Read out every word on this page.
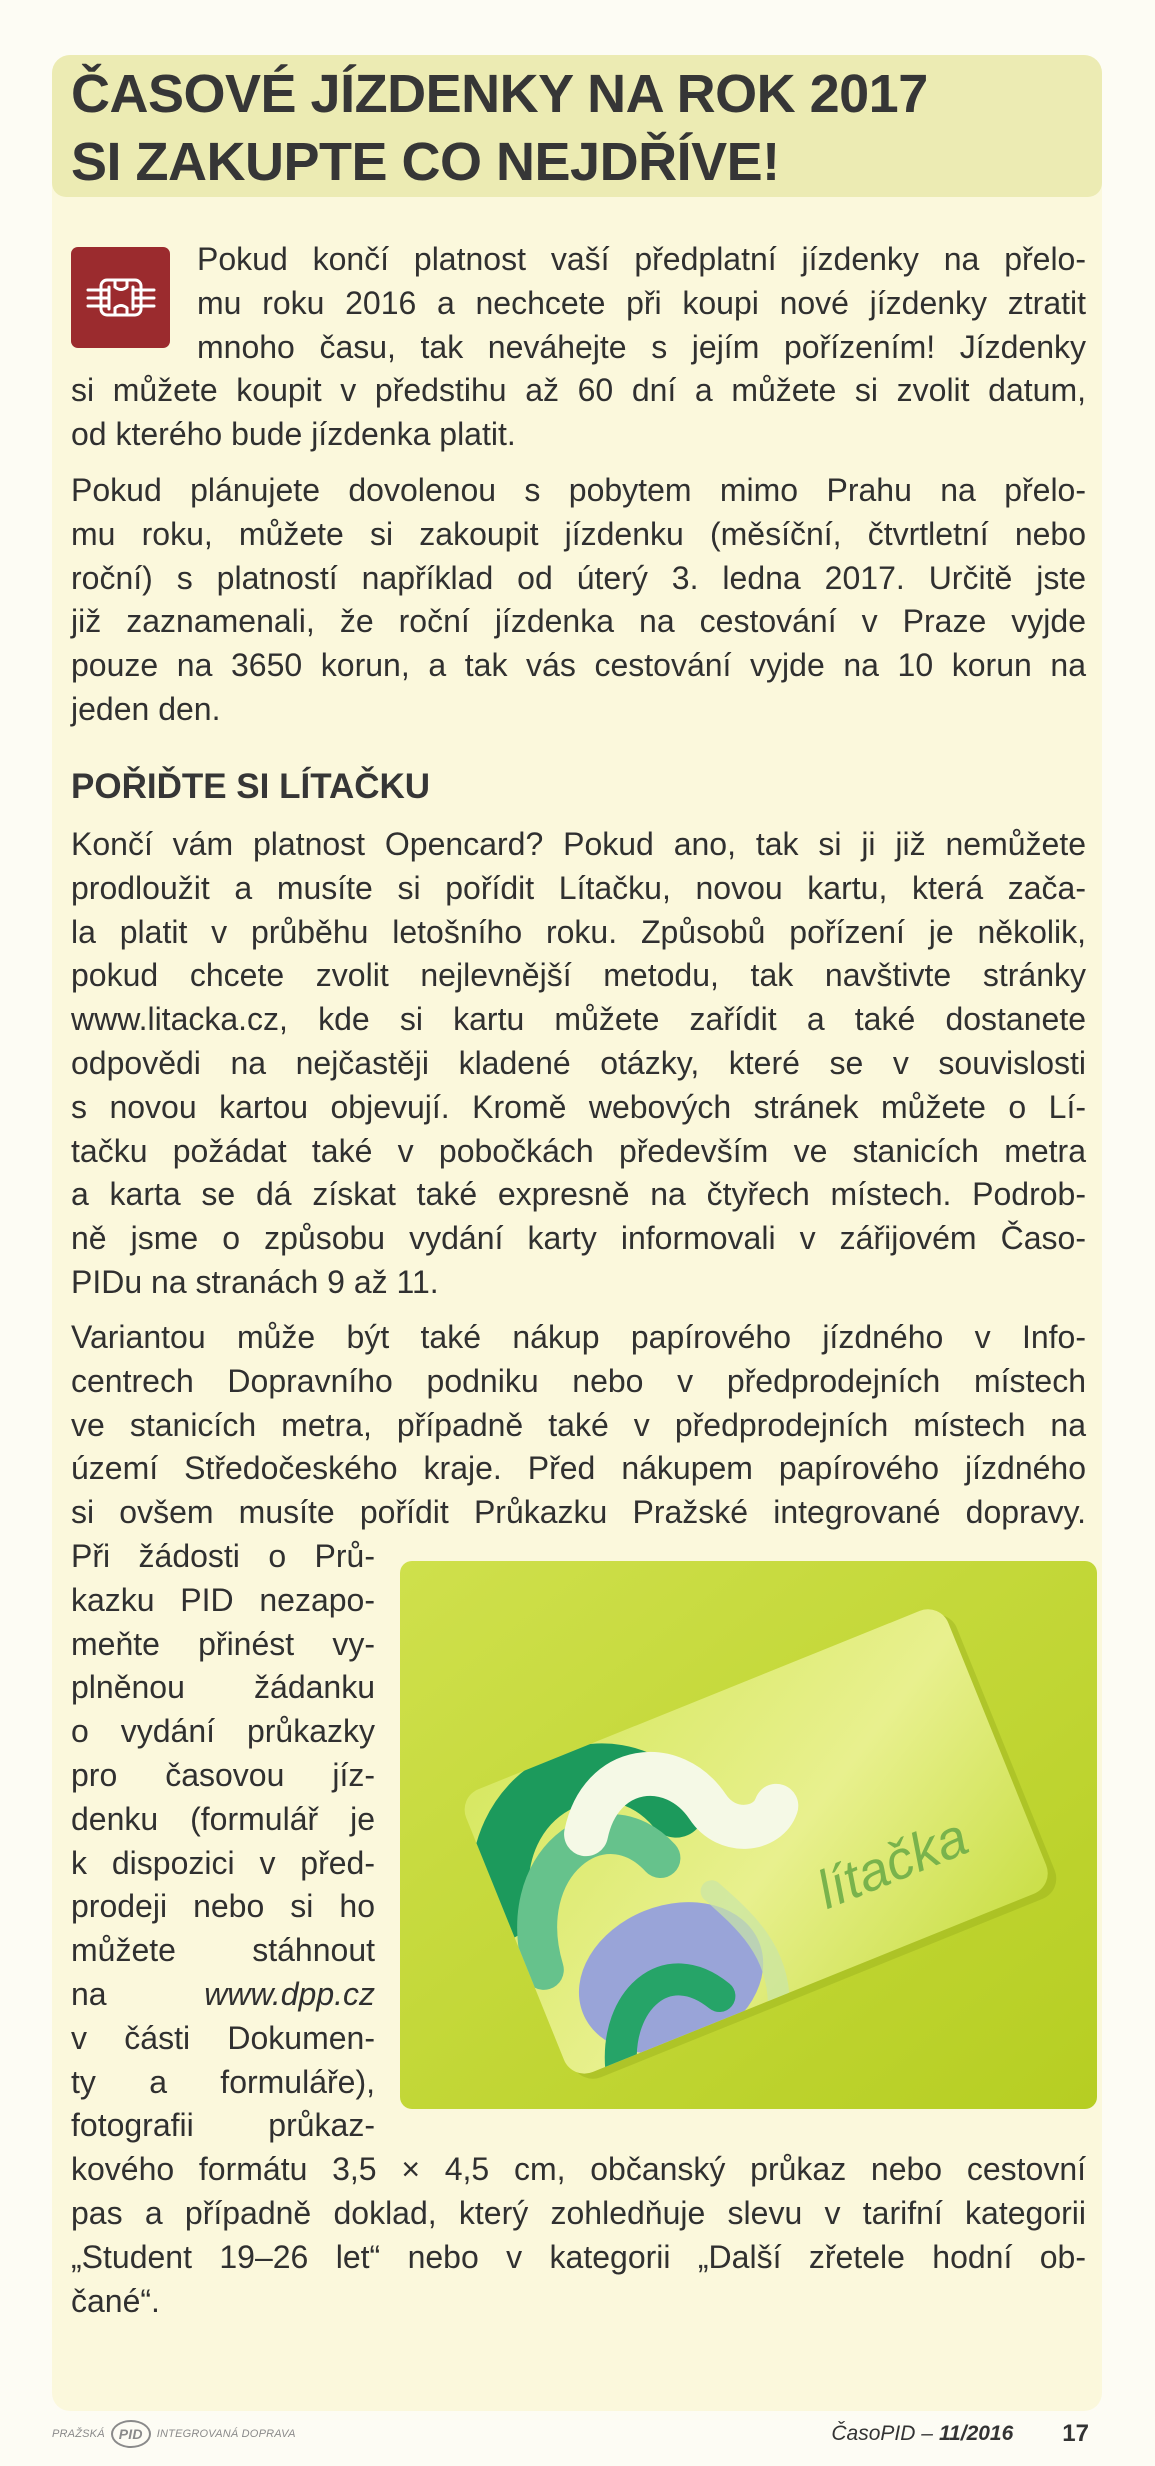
ČASOVÉ JÍZDENKY NA ROK 2017
SI ZAKUPTE CO NEJDŘÍVE!
Pokud končí platnost vaší předplatní jízdenky na přelo-
mu roku 2016 a nechcete při koupi nové jízdenky ztratit
mnoho času, tak neváhejte s jejím pořízením! Jízdenky
si můžete koupit v předstihu až 60 dní a můžete si zvolit datum,
od kterého bude jízdenka platit.
Pokud plánujete dovolenou s pobytem mimo Prahu na přelo-
mu roku, můžete si zakoupit jízdenku (měsíční, čtvrtletní nebo
roční) s platností například od úterý 3. ledna 2017. Určitě jste
již zaznamenali, že roční jízdenka na cestování v Praze vyjde
pouze na 3650 korun, a tak vás cestování vyjde na 10 korun na
jeden den.
POŘIĎTE SI LÍTAČKU
Končí vám platnost Opencard? Pokud ano, tak si ji již nemůžete
prodloužit a musíte si pořídit Lítačku, novou kartu, která zača-
la platit v průběhu letošního roku. Způsobů pořízení je několik,
pokud chcete zvolit nejlevnější metodu, tak navštivte stránky
www.litacka.cz, kde si kartu můžete zařídit a také dostanete
odpovědi na nejčastěji kladené otázky, které se v souvislosti
s novou kartou objevují. Kromě webových stránek můžete o Lí-
tačku požádat také v pobočkách především ve stanicích metra
a karta se dá získat také expresně na čtyřech místech. Podrob-
ně jsme o způsobu vydání karty informovali v zářijovém Časo-
PIDu na stranách 9 až 11.
Variantou může být také nákup papírového jízdného v Info-
centrech Dopravního podniku nebo v předprodejních místech
ve stanicích metra, případně také v předprodejních místech na
území Středočeského kraje. Před nákupem papírového jízdného
si ovšem musíte pořídit Průkazku Pražské integrované dopravy.
Při žádosti o Prů-
kazku PID nezapo-
meňte přinést vy-
plněnou žádanku
o vydání průkazky
pro časovou jíz-
denku (formulář je
k dispozici v před-
prodeji nebo si ho
můžete stáhnout
na	www.dpp.cz
v části Dokumen-
ty a formuláře),
fotografii průkaz-
kového formátu 3,5 × 4,5 cm, občanský průkaz nebo cestovní
pas a případně doklad, který zohledňuje slevu v tarifní kategorii
„Student 19–26 let“ nebo v kategorii „Další zřetele hodní ob-
čané“.
lítačka
PRAŽSKÁ	PID	INTEGROVANÁ DOPRAVA	ČasoPID – 11/2016 17
